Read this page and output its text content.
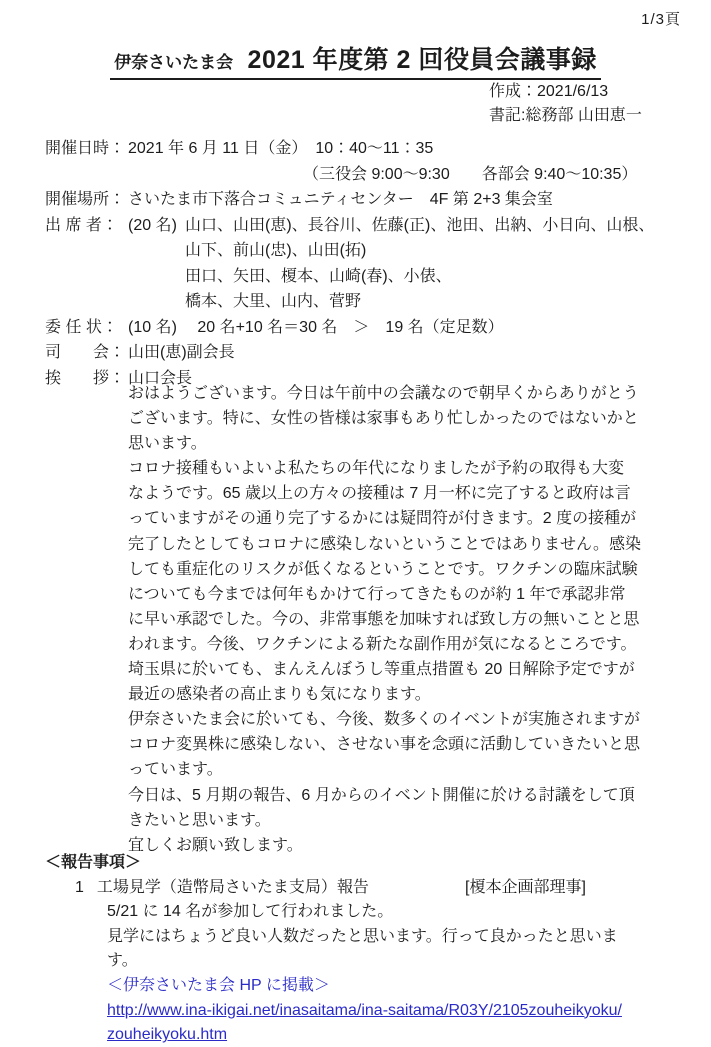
1/3頁
伊奈さいたま会 2021 年度第 2 回役員会議事録
作成：2021/6/13
書記:総務部 山田恵一
開催日時： 2021 年 6 月 11 日（金）　10：40～11：35
（三役会 9:00～9:30　　各部会 9:40～10:35）
開催場所： さいたま市下落合コミュニティセンター　4F 第 2+3 集会室
出 席 者： (20 名) 山口、山田(恵)、長谷川、佐藤(正)、池田、出納、小日向、山根、
山下、前山(忠)、山田(拓)
田口、矢田、榎本、山崎(春)、小俵、
橋本、大里、山内、菅野
委 任 状： (10 名)　 20 名+10 名＝30 名　＞　19 名（定足数）
司　　会： 山田(恵)副会長
挨　　拶： 山口会長
おはようございます。今日は午前中の会議なので朝早くからありがとう
ございます。特に、女性の皆様は家事もあり忙しかったのではないかと
思います。
コロナ接種もいよいよ私たちの年代になりましたが予約の取得も大変
なようです。65 歳以上の方々の接種は 7 月一杯に完了すると政府は言
っていますがその通り完了するかには疑問符が付きます。2 度の接種が
完了したとしてもコロナに感染しないということではありません。感染
しても重症化のリスクが低くなるということです。ワクチンの臨床試験
についても今までは何年もかけて行ってきたものが約 1 年で承認非常
に早い承認でした。今の、非常事態を加味すれば致し方の無いことと思
われます。今後、ワクチンによる新たな副作用が気になるところです。
埼玉県に於いても、まんえんぼうし等重点措置も 20 日解除予定ですが
最近の感染者の高止まりも気になります。
伊奈さいたま会に於いても、今後、数多くのイベントが実施されますが
コロナ変異株に感染しない、させない事を念頭に活動していきたいと思
っています。
今日は、5 月期の報告、6 月からのイベント開催に於ける討議をして頂
きたいと思います。
宜しくお願い致します。
＜報告事項＞
1 工場見学（造幣局さいたま支局）報告	[榎本企画部理事]
5/21 に 14 名が参加して行われました。
見学にはちょうど良い人数だったと思います。行って良かったと思いま
す。
＜伊奈さいたま会 HP に掲載＞
http://www.ina-ikigai.net/inasaitama/ina-saitama/R03Y/2105zouheikyoku/
zouheikyoku.htm
